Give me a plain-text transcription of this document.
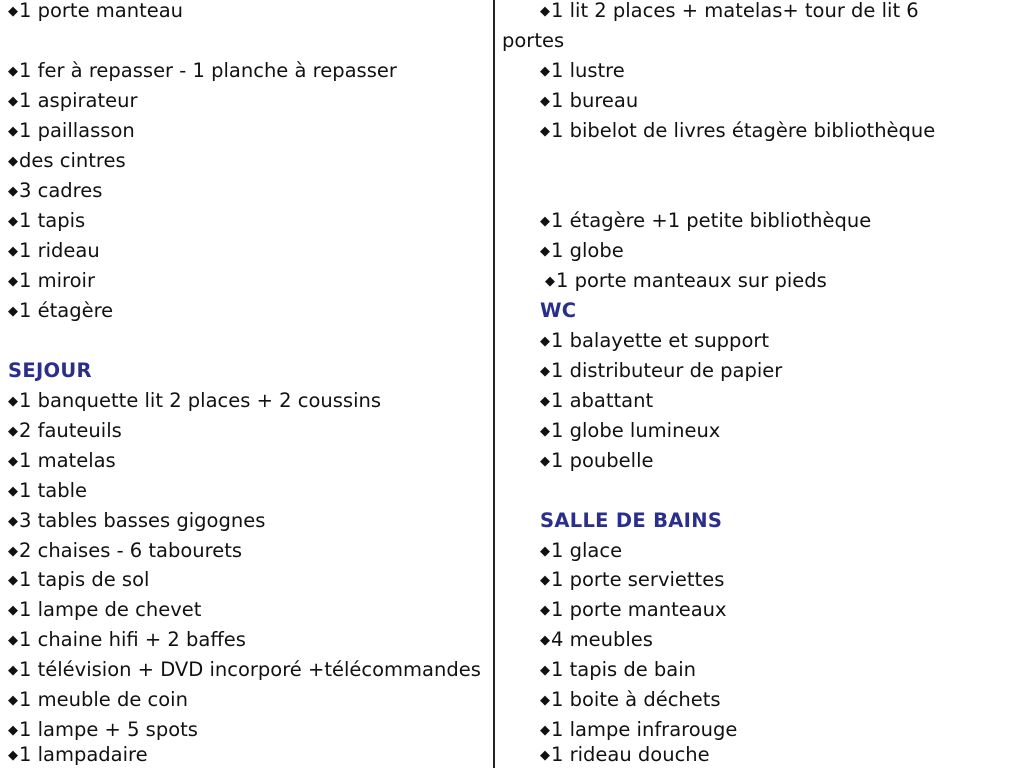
◆1 porte manteau
◆1 fer à repasser - 1 planche à repasser
◆1 aspirateur
◆1 paillasson
◆des cintres
◆3 cadres
◆1 tapis
◆1 rideau
◆1 miroir
◆1 étagère
SEJOUR
◆1 banquette lit 2 places + 2 coussins
◆2 fauteuils
◆1 matelas
◆1 table
◆3 tables basses gigognes
◆2 chaises - 6 tabourets
◆1 tapis de sol
◆1 lampe de chevet
◆1 chaine hifi + 2 baffes
◆1 télévision + DVD incorporé +télécommandes
◆1 meuble de coin
◆1 lampe + 5 spots
◆1 lampadaire
◆1 lit 2 places + matelas+ tour de lit 6
portes
◆1 lustre
◆1 bureau
◆1 bibelot de livres étagère bibliothèque
◆1 étagère +1 petite bibliothèque
◆1 globe
◆1 porte manteaux sur pieds
WC
◆1 balayette et support
◆1 distributeur de papier
◆1 abattant
◆1 globe lumineux
◆1 poubelle
SALLE DE BAINS
◆1 glace
◆1 porte serviettes
◆1 porte manteaux
◆4 meubles
◆1 tapis de bain
◆1 boite à déchets
◆1 lampe infrarouge
◆1 rideau douche
